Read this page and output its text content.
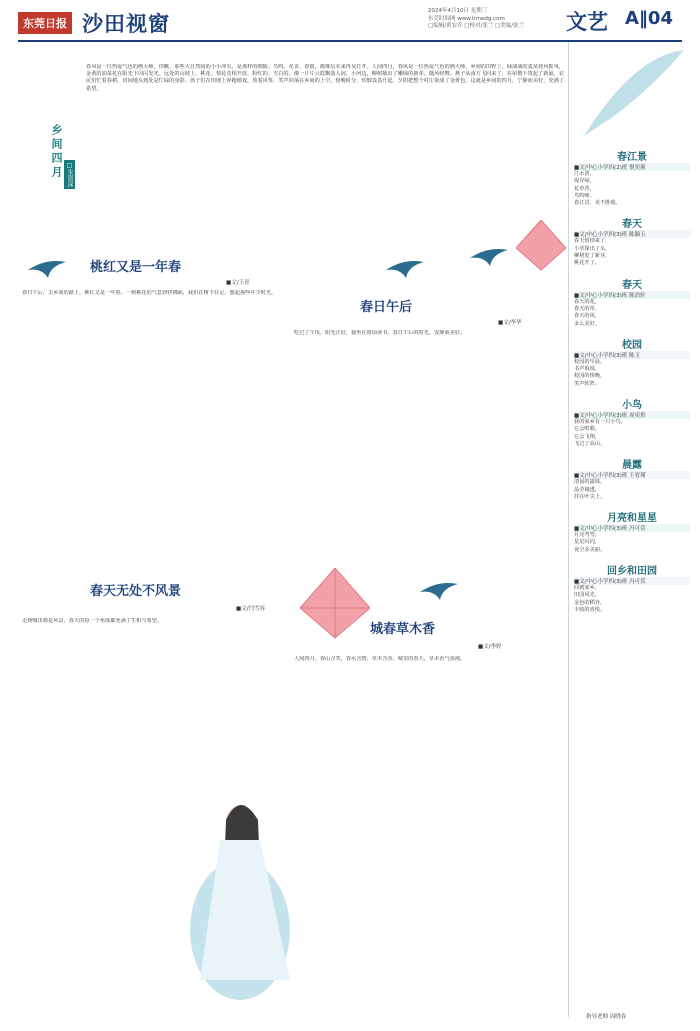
东莞日报 沙田视窗
2024年4月10日 星期三
东莞时间网 www.timedg.com
□编辑/黄安乔 □校对/张兰 □美编/张兰	文艺 A‖04
乡间四月 □朱贺深
春风是一位热爱气色的画大师，你瞧，那些大自然间的小小冲尖，是那样的细致；鸟鸣、花香、春雨，都像信未来得及打开。人间四月，春风是一位热爱气色的画大师，乡间的田野上，绿油油的麦苗迎风摇曳，金黄的油菜花在阳光下闪闪发光。远处的山坡上，桃花、梨花竞相开放，粉红的、雪白的，像一片片云霞飘落人间。小河边，柳树抽出了嫩绿的新芽，随风轻舞。燕子从南方飞回来了，在屋檐下筑起了新巢。农民们忙着春耕，田间地头到处是忙碌的身影。孩子们在田埂上奔跑嬉戏，放着风筝，笑声回荡在乡间的上空。傍晚时分，炊烟袅袅升起，夕阳把整个村庄染成了金黄色。这就是乡间的四月，宁静而美好，充满了希望。
桃红又是一年春
■文/王青
春日午后，去乡间的路上，桃红又是一年春。一树桃花的气息轻轻拂面，我们在树下驻足，想起那些年少时光。
春日午后
■文/李华
吃过了午饭，阳光正好，我坐在窗前读书，春日午后的时光，安静而美好。
春天无处不风景
■文/闫雪容
走到哪里都是风景，春天的每一个角落都充满了生机与希望。
城春草木香
■文/李婷
人间四月，春山含笑，春水含情，草木含香。城里的春天，草木香气弥漫。
春江景
■文/中心小学四(2)班 倪奕浙
江水清，
堤岸绿，
花草香，
鸟鸣啼。
春江景，美不胜收。
春天
■文/中心小学四(3)班 陈颖玉
春天悄悄来了，
小草探出了头，
柳树发了新芽，
桃花开了。
春天
■文/中心小学四(3)班 陈浩轩
春天的花，
春天的草，
春天的风，
多么美好。
校园
■文/中心小学四(3)班 陈玉
校园的早晨，
书声琅琅，
校园的傍晚，
笑声阵阵。
小鸟
■文/中心小学四(3)班 周奕彤
我的家乡有一只小鸟，
它会唱歌，
它会飞翔，
飞过了高山。
晨露
■文/中心小学四(3)班 王宥瑾
清晨的露珠，
晶莹剔透，
挂在叶尖上。
月亮和星星
■文/中心小学四(3)班 冯可萱
月亮弯弯，
星星闪闪，
夜空多美丽。
回乡和田园
■文/中心小学四(3)班 冯可萱
回到家乡，
田园风光，
金色的稻谷，
丰收的喜悦。
指导老师 周晓春
